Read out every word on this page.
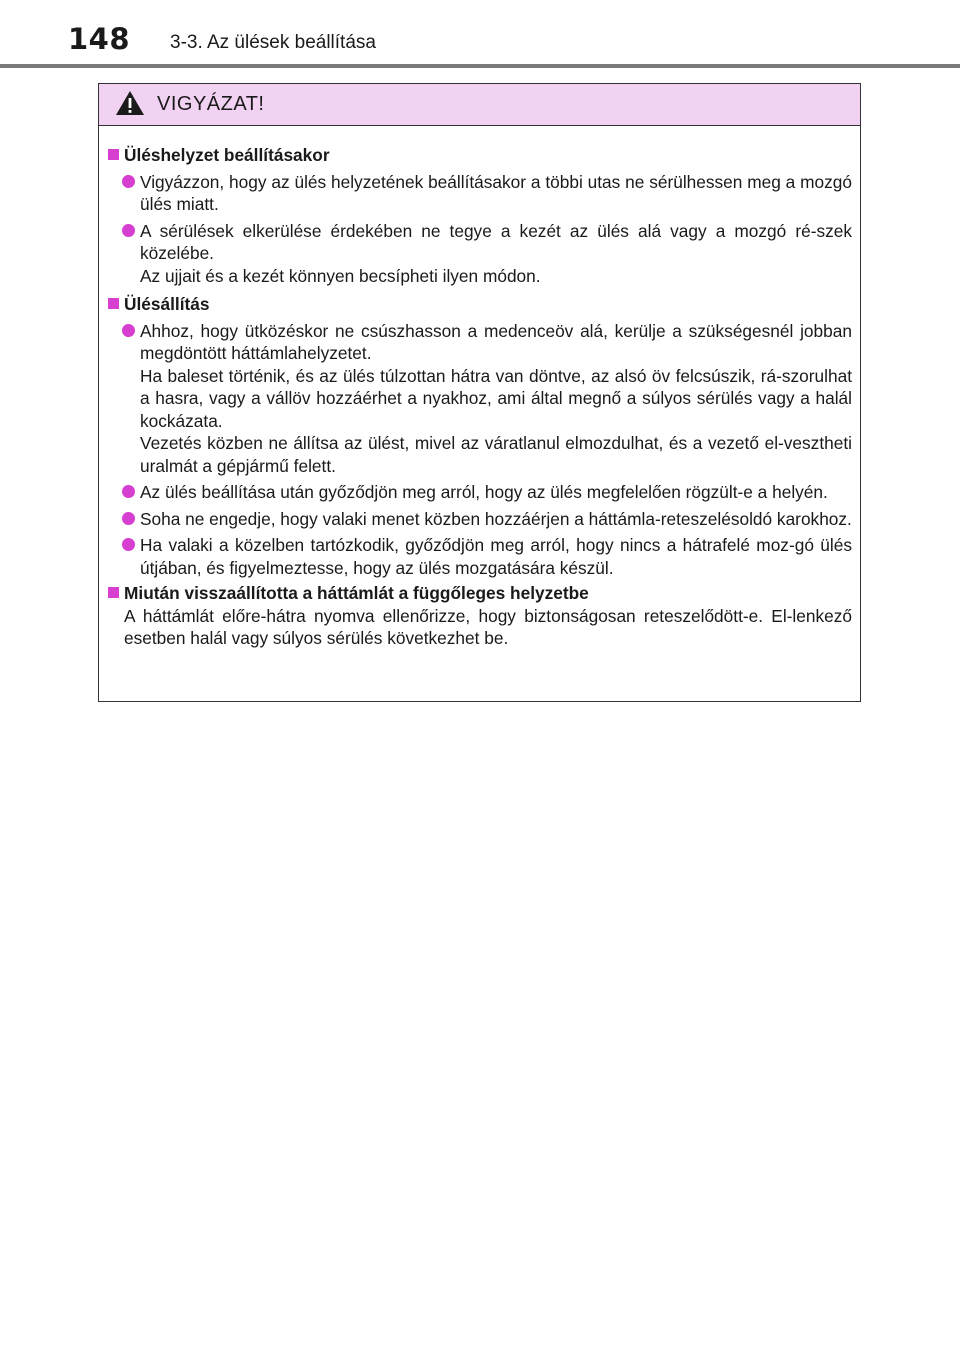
148 3-3. Az ülések beállítása
VIGYÁZAT!
Üléshelyzet beállításakor
Vigyázzon, hogy az ülés helyzetének beállításakor a többi utas ne sérülhessen meg a mozgó ülés miatt.
A sérülések elkerülése érdekében ne tegye a kezét az ülés alá vagy a mozgó ré-szek közelébe.
Az ujjait és a kezét könnyen becsípheti ilyen módon.
Ülésállítás
Ahhoz, hogy ütközéskor ne csúszhasson a medenceöv alá, kerülje a szükségesnél jobban megdöntött háttámlahelyzetet.
Ha baleset történik, és az ülés túlzottan hátra van döntve, az alsó öv felcsúszik, rá-szorulhat a hasra, vagy a vállöv hozzáérhet a nyakhoz, ami által megnő a súlyos sérülés vagy a halál kockázata.
Vezetés közben ne állítsa az ülést, mivel az váratlanul elmozdulhat, és a vezető el-vesztheti uralmát a gépjármű felett.
Az ülés beállítása után győződjön meg arról, hogy az ülés megfelelően rögzült-e a helyén.
Soha ne engedje, hogy valaki menet közben hozzáérjen a háttámla-reteszelésoldó karokhoz.
Ha valaki a közelben tartózkodik, győződjön meg arról, hogy nincs a hátrafelé moz-gó ülés útjában, és figyelmeztesse, hogy az ülés mozgatására készül.
Miután visszaállította a háttámlát a függőleges helyzetbe
A háttámlát előre-hátra nyomva ellenőrizze, hogy biztonságosan reteszelődött-e. El-lenkező esetben halál vagy súlyos sérülés következhet be.
